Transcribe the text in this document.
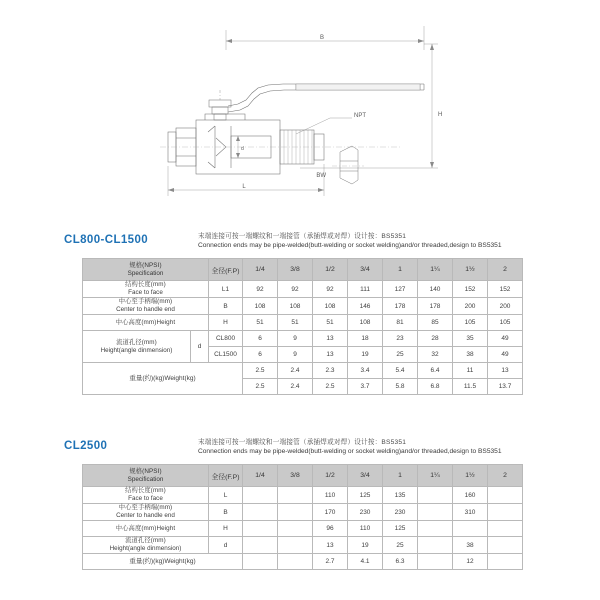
B
H
L
NPT
BW
d
CL800-CL1500	末端连接可按一端螺纹和一端接管（承插焊或对焊）设计按：BS5351
Connection ends may be pipe-welded(butt-welding or socket welding)and/or threaded,design to BS5351
规格(NPSI)
Specification		全径(F.P)	1/4	3/8	1/2	3/4	1	1¼	1½	2

结构长度(mm)
Face to face		L1	92	92	92	111	127	140	152	152

中心至手柄端(mm)
Center to handle end		B	108	108	108	146	178	178	200	200

中心高度(mm)Height		H	51	51	51	108	81	85	105	105

流道孔径(mm)
Height(angle dinmension)	d	CL800	6	9	13	18	23	28	35	49
		CL1500	6	9	13	19	25	32	38	49
重量(约)(kg)Weight(kg)			2.5	2.4	2.3	3.4	5.4	6.4	11	13
			2.5	2.4	2.5	3.7	5.8	6.8	11.5	13.7
CL2500	末端连接可按一端螺纹和一端接管（承插焊或对焊）设计按：BS5351
Connection ends may be pipe-welded(butt-welding or socket welding)and/or threaded,design to BS5351
规格(NPSI)
Specification	全径(F.P)	1/4	3/8	1/2	3/4	1	1¼	1½	2

结构长度(mm)
Face to face	L			110	125	135		160	

中心至手柄端(mm)
Center to handle end	B			170	230	230		310	

中心高度(mm)Height	H			96	110	125			

流道孔径(mm)
Height(angle dinmension)	d			13	19	25		38	
重量(约)(kg)Weight(kg)				2.7	4.1	6.3		12	
